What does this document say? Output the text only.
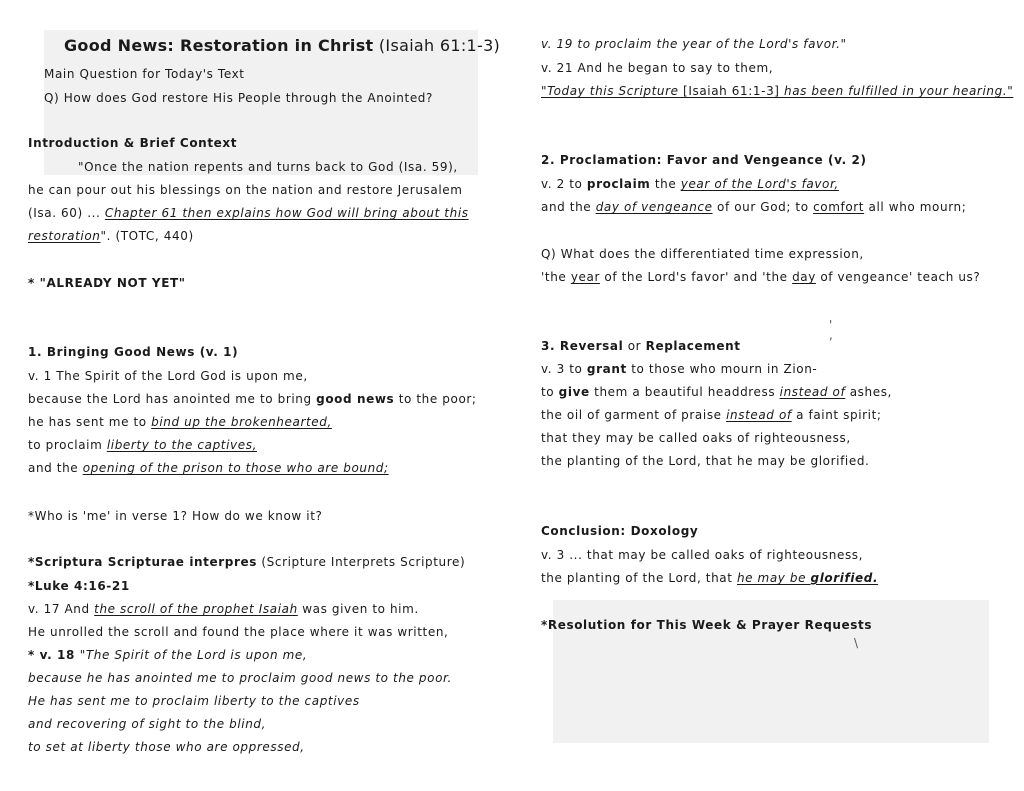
Good News: Restoration in Christ (Isaiah 61:1-3)
Main Question for Today's Text
Q) How does God restore His People through the Anointed?
Introduction & Brief Context
"Once the nation repents and turns back to God (Isa. 59),
he can pour out his blessings on the nation and restore Jerusalem
(Isa. 60) ... Chapter 61 then explains how God will bring about this
restoration". (TOTC, 440)
* "ALREADY NOT YET"
1. Bringing Good News (v. 1)
v. 1 The Spirit of the Lord God is upon me,
because the Lord has anointed me to bring good news to the poor;
he has sent me to bind up the brokenhearted,
to proclaim liberty to the captives,
and the opening of the prison to those who are bound;
*Who is 'me' in verse 1? How do we know it?
*Scriptura Scripturae interpres (Scripture Interprets Scripture)
*Luke 4:16-21
v. 17 And the scroll of the prophet Isaiah was given to him.
He unrolled the scroll and found the place where it was written,
* v. 18 "The Spirit of the Lord is upon me,
because he has anointed me to proclaim good news to the poor.
He has sent me to proclaim liberty to the captives
and recovering of sight to the blind,
to set at liberty those who are oppressed,
v. 19 to proclaim the year of the Lord's favor."
v. 21 And he began to say to them,
"Today this Scripture [Isaiah 61:1-3] has been fulfilled in your hearing."
2. Proclamation: Favor and Vengeance (v. 2)
v. 2 to proclaim the year of the Lord's favor,
and the day of vengeance of our God; to comfort all who mourn;
Q) What does the differentiated time expression,
'the year of the Lord's favor' and 'the day of vengeance' teach us?
'
,
3. Reversal or Replacement
v. 3 to grant to those who mourn in Zion-
to give them a beautiful headdress instead of ashes,
the oil of garment of praise instead of a faint spirit;
that they may be called oaks of righteousness,
the planting of the Lord, that he may be glorified.
Conclusion: Doxology
v. 3 ... that may be called oaks of righteousness,
the planting of the Lord, that he may be glorified.
*Resolution for This Week & Prayer Requests
\
